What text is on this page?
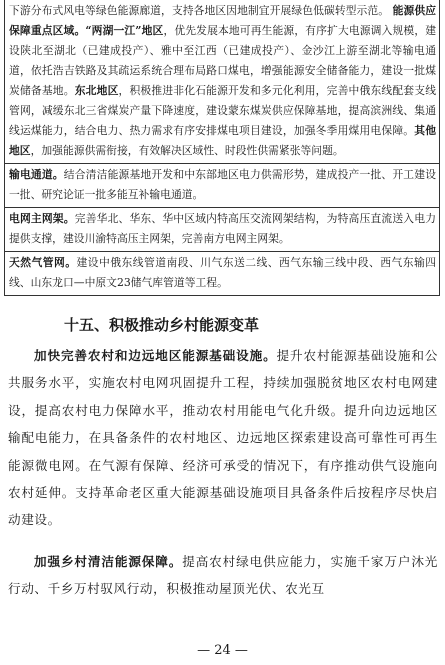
下游分布式风电等绿色能源廊道，支持各地区因地制宜开展绿色低碳转型示范。 能源供应保障重点区域。“两湖一江”地区，优先发展本地可再生能源，有序扩大电源调入规模，建设陕北至湖北（已建成投产）、雅中至江西（已建成投产）、金沙江上游至湖北等输电通道，依托浩吉铁路及其疏运系统合理布局路口煤电，增强能源安全储备能力，建设一批煤炭储备基地。东北地区，积极推进非化石能源开发和多元化利用，完善中俄东线配套支线管网，减缓东北三省煤炭产量下降速度，建设蒙东煤炭供应保障基地，提高滨洲线、集通线运煤能力，结合电力、热力需求有序安排煤电项目建设，加强冬季用煤用电保障。其他地区，加强能源供需衔接，有效解决区域性、时段性供需紧张等问题。
输电通道。结合清洁能源基地开发和中东部地区电力供需形势，建成投产一批、开工建设一批、研究论证一批多能互补输电通道。
电网主网架。完善华北、华东、华中区域内特高压交流网架结构，为特高压直流送入电力提供支撑，建设川渝特高压主网架，完善南方电网主网架。
天然气管网。建设中俄东线管道南段、川气东送二线、西气东输三线中段、西气东输四线、山东龙口—中原文23储气库管道等工程。
十五、积极推动乡村能源变革

加快完善农村和边远地区能源基础设施。提升农村能源基础设施和公共服务水平，实施农村电网巩固提升工程，持续加强脱贫地区农村电网建设，提高农村电力保障水平，推动农村用能电气化升级。提升向边远地区输配电能力，在具备条件的农村地区、边远地区探索建设高可靠性可再生能源微电网。在气源有保障、经济可承受的情况下，有序推动供气设施向农村延伸。支持革命老区重大能源基础设施项目具备条件后按程序尽快启动建设。

加强乡村清洁能源保障。提高农村绿电供应能力，实施千家万户沐光行动、千乡万村驭风行动，积极推动屋顶光伏、农光互

— 24 —
